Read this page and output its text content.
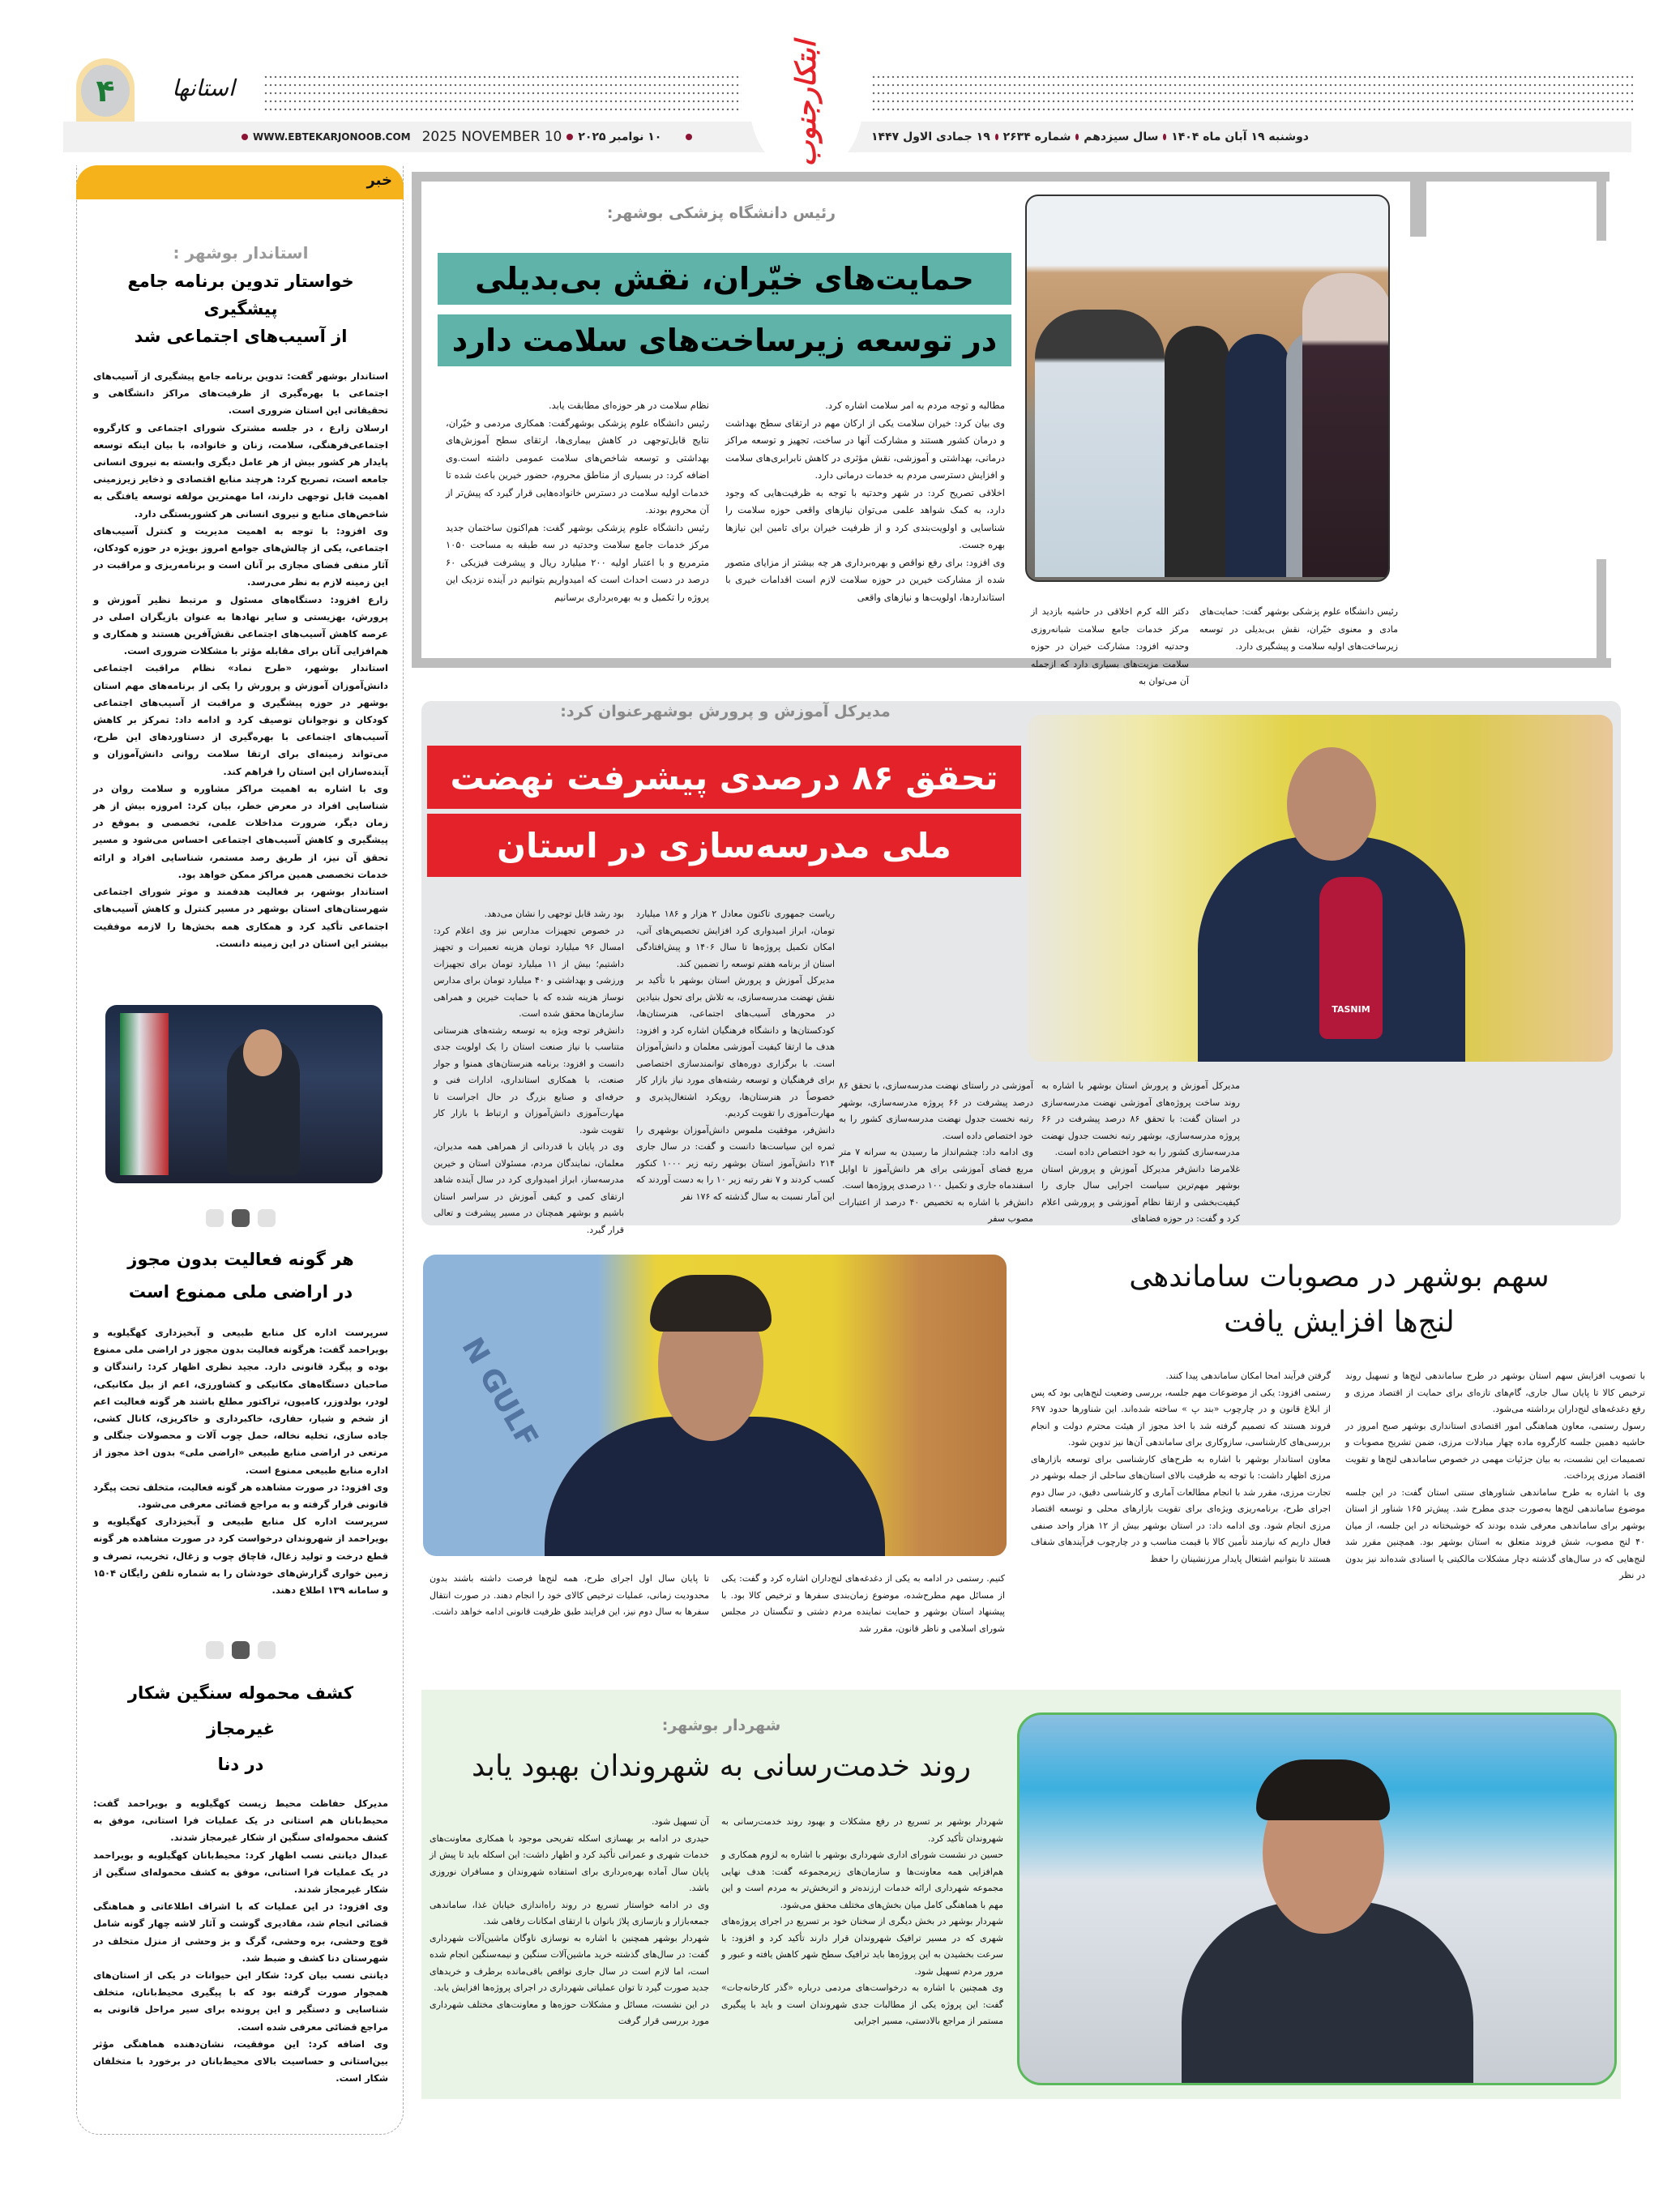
۴	استانها	ابتکارجنوب
WWW.EBTEKARJONOOB.COM 2025 NOVEMBER 10 ۱۰ نوامبر ۲۰۲۵	دوشنبه ۱۹ آبان ماه ۱۴۰۴
سال سیزدهم
شماره ۲۶۳۴
۱۹ جمادی الاول ۱۴۴۷
خبر
استاندار بوشهر :
خواستار تدوین برنامه جامع پیشگیری
از آسیب‌های اجتماعی شد

استاندار بوشهر گفت: تدوین برنامه جامع پیشگیری از آسیب‌های اجتماعی با بهره‌گیری از ظرفیت‌های مراکز دانشگاهی و تحقیقاتی این استان ضروری است.

ارسلان زارع ، در جلسه مشترک شورای اجتماعی و کارگروه اجتماعی‌فرهنگی، سلامت، زنان و خانواده، با بیان اینکه توسعه پایدار هر کشور بیش از هر عامل دیگری وابسته به نیروی انسانی جامعه است، تصریح کرد: هرچند منابع اقتصادی و ذخایر زیرزمینی اهمیت قابل توجهی دارند، اما مهمترین مولفه توسعه یافتگی به شاخص‌های منابع و نیروی انسانی هر کشوربستگی دارد.

وی افزود: با توجه به اهمیت مدیریت و کنترل آسیب‌های اجتماعی، یکی از چالش‌های جوامع امروز بویژه در حوزه کودکان، آثار منفی فضای مجازی بر آنان است و برنامه‌ریزی و مراقبت در این زمینه لازم به نظر می‌رسد.

زارع افزود: دستگاه‌های مسئول و مرتبط نظیر آموزش و پرورش، بهزیستی و سایر نهادها به عنوان بازیگران اصلی در عرصه کاهش آسیب‌های اجتماعی نقش‌آفرین هستند و همکاری و هم‌افزایی آنان برای مقابله مؤثر با مشکلات ضروری است.

استاندار بوشهر، «طرح نماد» نظام مراقبت اجتماعی دانش‌آموزان آموزش و پرورش را یکی از برنامه‌های مهم استان بوشهر در حوزه پیشگیری و مراقبت از آسیب‌های اجتماعی کودکان و نوجوانان توصیف کرد و ادامه داد: تمرکز بر کاهش آسیب‌های اجتماعی با بهره‌گیری از دستاوردهای این طرح، می‌تواند زمینه‌ای برای ارتقا سلامت روانی دانش‌آموزان و آینده‌سازان این استان را فراهم کند.

وی با اشاره به اهمیت مراکز مشاوره و سلامت روان در شناسایی افراد در معرض خطر، بیان کرد: امروزه بیش از هر زمان دیگر، ضرورت مداخلات علمی، تخصصی و بموقع در پیشگیری و کاهش آسیب‌های اجتماعی احساس می‌شود و مسیر تحقق آن نیز، از طریق رصد مستمر، شناسایی افراد و ارائه خدمات تخصصی همین مراکز ممکن خواهد بود.

استاندار بوشهر، بر فعالیت هدفمند و موثر شورای اجتماعی شهرستان‌های استان بوشهر در مسیر کنترل و کاهش آسیب‌های اجتماعی تأکید کرد و همکاری همه بخش‌ها را لازمه موفقیت بیشتر این استان در این زمینه دانست.

هر گونه فعالیت بدون مجوز
در اراضی ملی ممنوع است

سرپرست اداره کل منابع طبیعی و آبخیزداری کهگیلویه و بویراحمد گفت: هرگونه فعالیت بدون مجوز در اراضی ملی ممنوع بوده و پیگرد قانونی دارد. مجید نظری اظهار کرد: رانندگان و صاحبان دستگاه‌های مکانیکی و کشاورزی، اعم از بیل مکانیکی، لودر، بولدوزر، کامیون، تراکتور مطلع باشند هر گونه فعالیت اعم از شخم و شیار، حفاری، خاکبرداری و خاکریزی، کانال کشی، جاده سازی، تخلیه نخاله، حمل چوب آلات و محصولات جنگلی و مرتعی در اراضی منابع طبیعی «اراضی ملی» بدون اخذ مجوز از اداره منابع طبیعی ممنوع است.

وی افزود: در صورت مشاهده هر گونه فعالیت، متخلف تحت پیگرد قانونی قرار گرفته و به مراجع قضائی معرفی می‌شود.

سرپرست اداره کل منابع طبیعی و آبخیزداری کهگیلویه و بویراحمد از شهروندان درخواست کرد در صورت مشاهده هر گونه قطع درخت و تولید زغال، قاچاق چوب و زغال، تخریب، تصرف و زمین خواری گزارش‌های خودشان را به شماره تلفن رایگان ۱۵۰۴ و سامانه ۱۳۹ اطلاع دهند.

کشف محموله سنگین شکار غیرمجاز
در دنا

مدیرکل حفاظت محیط زیست کهگیلویه و بویراحمد گفت: محیط‌بانان هم استانی در یک عملیات فرا استانی، موفق به کشف محموله‌ای سنگین از شکار غیرمجاز شدند.

عبدال دیانتی نسب اظهار کرد: محیط‌بانان کهگیلویه و بویراحمد در یک عملیات فرا استانی، موفق به کشف محموله‌ای سنگین از شکار غیرمجاز شدند.

وی افزود: در این عملیات که با اشراف اطلاعاتی و هماهنگی قضائی انجام شد، مقادیری گوشت و آثار لاشه چهار گونه شامل قوچ وحشی، بره وحشی، گرگ و بز وحشی از منزل متخلف در شهرستان دنا کشف و ضبط شد.

دیانتی نسب بیان کرد: شکار این حیوانات در یکی از استان‌های همجوار صورت گرفته بود که با پیگیری محیط‌بانان، متخلف شناسایی و دستگیر و این پرونده برای سیر مراحل قانونی به مراجع قضائی معرفی شده است.

وی اضافه کرد: این موفقیت، نشان‌دهنده هماهنگی مؤثر بین‌استانی و حساسیت بالای محیط‌بانان در برخورد با متخلفان شکار است.

رئیس دانشگاه پزشکی بوشهر:
حمایت‌های خیّران، نقش بی‌بدیلی
در توسعه زیرساخت‌های سلامت دارد

نظام سلامت در هر حوزه‌ای مطابقت یابد.

رئیس دانشگاه علوم پزشکی بوشهرگفت: همکاری مردمی و خیّران، نتایج قابل‌توجهی در کاهش بیماری‌ها، ارتقای سطح آموزش‌های بهداشتی و توسعه شاخص‌های سلامت عمومی داشته است.وی اضافه کرد: در بسیاری از مناطق محروم، حضور خیرین باعث شده تا خدمات اولیه سلامت در دسترس خانواده‌هایی قرار گیرد که پیش‌تر از آن محروم بودند.

رئیس دانشگاه علوم پزشکی بوشهر گفت: هم‌اکنون ساختمان جدید مرکز خدمات جامع سلامت وحدتیه در سه طبقه به مساحت ۱۰۵۰ مترمربع و با اعتبار اولیه ۲۰۰ میلیارد ریال و پیشرفت فیزیکی ۶۰ درصد در دست احداث است که امیدواریم بتوانیم در آینده نزدیک این پروژه را تکمیل و به بهره‌برداری برسانیم

مطالبه و توجه مردم به امر سلامت اشاره کرد.

وی بیان کرد: خیران سلامت یکی از ارکان مهم در ارتقای سطح بهداشت و درمان کشور هستند و مشارکت آنها در ساخت، تجهیز و توسعه مراکز درمانی، بهداشتی و آموزشی، نقش مؤثری در کاهش نابرابری‌های سلامت و افزایش دسترسی مردم به خدمات درمانی دارد.

اخلاقی تصریح کرد: در شهر وحدتیه با توجه به ظرفیت‌هایی که وجود دارد، به کمک شواهد علمی می‌توان نیازهای واقعی حوزه سلامت را شناسایی و اولویت‌بندی کرد و از ظرفیت خیران برای تامین این نیازها بهره جست.

وی افزود: برای رفع نواقص و بهره‌برداری هر چه بیشتر از مزایای متصور شده از مشارکت خیرین در حوزه سلامت لازم است اقدامات خیری با استانداردها، اولویت‌ها و نیازهای واقعی

دکتر الله کرم اخلاقی در حاشیه بازدید از مرکز خدمات جامع سلامت شبانه‌روزی وحدتیه افزود: مشارکت خیران در حوزه سلامت مزیت‌های بسیاری دارد که ازجمله آن می‌توان به

رئیس دانشگاه علوم پزشکی بوشهر گفت: حمایت‌های مادی و معنوی خیّران، نقش بی‌بدیلی در توسعه زیرساخت‌های اولیه سلامت و پیشگیری دارد.

مدیرکل آموزش و پرورش بوشهرعنوان کرد:
تحقق ۸۶ درصدی پیشرفت نهضت
ملی مدرسه‌سازی در استان
TASNIM

بود رشد قابل توجهی را نشان می‌دهد.

در خصوص تجهیزات مدارس نیز وی اعلام کرد: امسال ۹۶ میلیارد تومان هزینه تعمیرات و تجهیز داشتیم؛ بیش از ۱۱ میلیارد تومان برای تجهیزات ورزشی و بهداشتی و ۴۰ میلیارد تومان برای مدارس نوساز هزینه شده که با حمایت خیرین و همراهی سازمان‌ها محقق شده است.

دانش‌فر توجه ویژه به توسعه رشته‌های هنرستانی متناسب با نیاز صنعت استان را یک اولویت جدی دانست و افزود: برنامه هنرستان‌های همنوا و جوار صنعت، با همکاری استانداری، ادارات فنی و حرفه‌ای و صنایع بزرگ در حال اجراست تا مهارت‌آموزی دانش‌آموزان و ارتباط با بازار کار تقویت شود.

وی در پایان با قدردانی از همراهی همه مدیران، معلمان، نمایندگان مردم، مسئولان استان و خیرین مدرسه‌ساز، ابراز امیدواری کرد در سال آینده شاهد ارتقای کمی و کیفی آموزش در سراسر استان باشیم و بوشهر همچنان در مسیر پیشرفت و تعالی قرار گیرد.

ریاست جمهوری تاکنون معادل ۲ هزار و ۱۸۶ میلیارد تومان، ابراز امیدواری کرد افزایش تخصیص‌های آتی، امکان تکمیل پروژه‌ها تا سال ۱۴۰۶ و پیش‌افتادگی استان از برنامه هفتم توسعه را تضمین کند.

مدیرکل آموزش و پرورش استان بوشهر با تأکید بر نقش نهضت مدرسه‌سازی، به تلاش برای تحول بنیادین در محورهای آسیب‌های اجتماعی، هنرستان‌ها، کودکستان‌ها و دانشگاه فرهنگیان اشاره کرد و افزود: هدف ما ارتقا کیفیت آموزشی معلمان و دانش‌آموزان است. با برگزاری دوره‌های توانمندسازی اختصاصی برای فرهنگیان و توسعه رشته‌های مورد نیاز بازار کار خصوصاً در هنرستان‌ها، رویکرد اشتغال‌پذیری و مهارت‌آموزی را تقویت کردیم.

دانش‌فر، موفقیت ملموس دانش‌آموزان بوشهری را ثمره این سیاست‌ها دانست و گفت: در سال جاری ۲۱۴ دانش‌آموز استان بوشهر رتبه زیر ۱۰۰۰ کنکور کسب کردند و ۷ نفر رتبه زیر ۱۰ را به دست آوردند که این آمار نسبت به سال گذشته که ۱۷۶ نفر

آموزشی در راستای نهضت مدرسه‌سازی، با تحقق ۸۶ درصد پیشرفت در ۶۶ پروژه مدرسه‌سازی، بوشهر رتبه نخست جدول نهضت مدرسه‌سازی کشور را به خود اختصاص داده است.

وی ادامه داد: چشم‌انداز ما رسیدن به سرانه ۷ متر مربع فضای آموزشی برای هر دانش‌آموز تا اوایل اسفندماه جاری و تکمیل ۱۰۰ درصدی پروژه‌ها است.

دانش‌فر با اشاره به تخصیص ۴۰ درصد از اعتبارات مصوب سفر

مدیرکل آموزش و پرورش استان بوشهر با اشاره به روند ساخت پروژه‌های آموزشی نهضت مدرسه‌سازی در استان گفت: با تحقق ۸۶ درصد پیشرفت در ۶۶ پروژه مدرسه‌سازی، بوشهر رتبه نخست جدول نهضت مدرسه‌سازی کشور را به خود اختصاص داده است.

غلامرضا دانش‌فر مدیرکل آموزش و پرورش استان بوشهر مهم‌ترین سیاست اجرایی سال جاری را کیفیت‌بخشی و ارتقا نظام آموزشی و پرورشی اعلام کرد و گفت: در حوزه فضاهای

N GULF
سهم بوشهر در مصوبات ساماندهی
لنج‌ها افزایش یافت

گرفتن فرآیند امحا امکان ساماندهی پیدا کنند.

رستمی افزود: یکی از موضوعات مهم جلسه، بررسی وضعیت لنج‌هایی بود که پس از ابلاغ قانون و در چارچوب «بند پ » ساخته شده‌اند. این شناورها حدود ۶۹۷ فروند هستند که تصمیم گرفته شد با اخذ مجوز از هیئت محترم دولت و انجام بررسی‌های کارشناسی، سازوکاری برای ساماندهی آن‌ها نیز تدوین شود.

معاون استاندار بوشهر با اشاره به طرح‌های کارشناسی برای توسعه بازارهای مرزی اظهار داشت: با توجه به ظرفیت بالای استان‌های ساحلی از جمله بوشهر در تجارت مرزی، مقرر شد با انجام مطالعات آماری و کارشناسی دقیق، در سال دوم اجرای طرح، برنامه‌ریزی ویژه‌ای برای تقویت بازارهای محلی و توسعه اقتصاد مرزی انجام شود. وی ادامه داد: در استان بوشهر بیش از ۱۲ هزار واحد صنفی فعال داریم که نیازمند تأمین کالا با قیمت مناسب و در چارچوب فرآیندهای شفاف هستند تا بتوانیم اشتغال پایدار مرزنشینان را حفظ

با تصویب افزایش سهم استان بوشهر در طرح ساماندهی لنج‌ها و تسهیل روند ترخیص کالا تا پایان سال جاری، گام‌های تازه‌ای برای حمایت از اقتصاد مرزی و رفع دغدغه‌های لنج‌داران برداشته می‌شود.

رسول رستمی، معاون هماهنگی امور اقتصادی استانداری بوشهر صبح امروز در حاشیه دهمین جلسه کارگروه ماده چهار مبادلات مرزی، ضمن تشریح مصوبات و تصمیمات این نشست، به بیان جزئیات مهمی در خصوص ساماندهی لنج‌ها و تقویت اقتصاد مرزی پرداخت.

وی با اشاره به طرح ساماندهی شناورهای سنتی استان گفت: در این جلسه موضوع ساماندهی لنج‌ها به‌صورت جدی مطرح شد. پیش‌تر ۱۶۵ شناور از استان بوشهر برای ساماندهی معرفی شده بودند که خوشبختانه در این جلسه، از میان ۴۰ لنج مصوب، شش فروند متعلق به استان بوشهر بود. همچنین مقرر شد لنج‌هایی که در سال‌های گذشته دچار مشکلات مالکیتی یا اسنادی شده‌اند نیز بدون در نظر

تا پایان سال اول اجرای طرح، همه لنج‌ها فرصت داشته باشند بدون محدودیت زمانی، عملیات ترخیص کالای خود را انجام دهند. در صورت انتقال سفرها به سال دوم نیز، این فرایند طبق ظرفیت قانونی ادامه خواهد داشت.

کنیم. رستمی در ادامه به یکی از دغدغه‌های لنج‌داران اشاره کرد و گفت: یکی از مسائل مهم مطرح‌شده، موضوع زمان‌بندی سفرها و ترخیص کالا بود. با پیشنهاد استان بوشهر و حمایت نماینده مردم دشتی و تنگستان در مجلس شورای اسلامی و ناظر قانون، مقرر شد

شهردار بوشهر:
روند خدمت‌رسانی به شهروندان بهبود یابد

آن تسهیل شود.

حیدری در ادامه بر بهسازی اسکله تفریحی موجود با همکاری معاونت‌های خدمات شهری و عمرانی تأکید کرد و اظهار داشت: این اسکله باید تا پیش از پایان سال آماده بهره‌برداری برای استفاده شهروندان و مسافران نوروزی باشد.

وی در ادامه خواستار تسریع در روند راه‌اندازی خیابان غذا، ساماندهی جمعه‌بازار و بازسازی پلاژ بانوان با ارتقای امکانات رفاهی شد.

شهردار بوشهر همچنین با اشاره به نوسازی ناوگان ماشین‌آلات شهرداری گفت: در سال‌های گذشته خرید ماشین‌آلات سنگین و نیمه‌سنگین انجام شده است، اما لازم است در سال جاری نواقص باقی‌مانده برطرف و خریدهای جدید صورت گیرد تا توان عملیاتی شهرداری در اجرای پروژه‌ها افزایش یابد.

در این نشست، مسائل و مشکلات حوزه‌ها و معاونت‌های مختلف شهرداری مورد بررسی قرار گرفت

شهردار بوشهر بر تسریع در رفع مشکلات و بهبود روند خدمت‌رسانی به شهروندان تأکید کرد.

حسین در نشست شورای اداری شهرداری بوشهر با اشاره به لزوم همکاری و هم‌افزایی همه معاونت‌ها و سازمان‌های زیرمجموعه گفت: هدف نهایی مجموعه شهرداری ارائه خدمات ارزنده‌تر و اثربخش‌تر به مردم است و این مهم با هماهنگی کامل میان بخش‌های مختلف محقق می‌شود.

شهردار بوشهر در بخش دیگری از سخنان خود بر تسریع در اجرای پروژه‌های شهری که در مسیر ترافیک شهروندان قرار دارند تأکید کرد و افزود: با سرعت بخشیدن به این پروژه‌ها باید ترافیک سطح شهر کاهش یافته و عبور و مرور مردم تسهیل شود.

وی همچنین با اشاره به درخواست‌های مردمی درباره «گذر کارخانه‌جات» گفت: این پروژه یکی از مطالبات جدی شهروندان است و باید با پیگیری مستمر از مراجع بالادستی، مسیر اجرایی
